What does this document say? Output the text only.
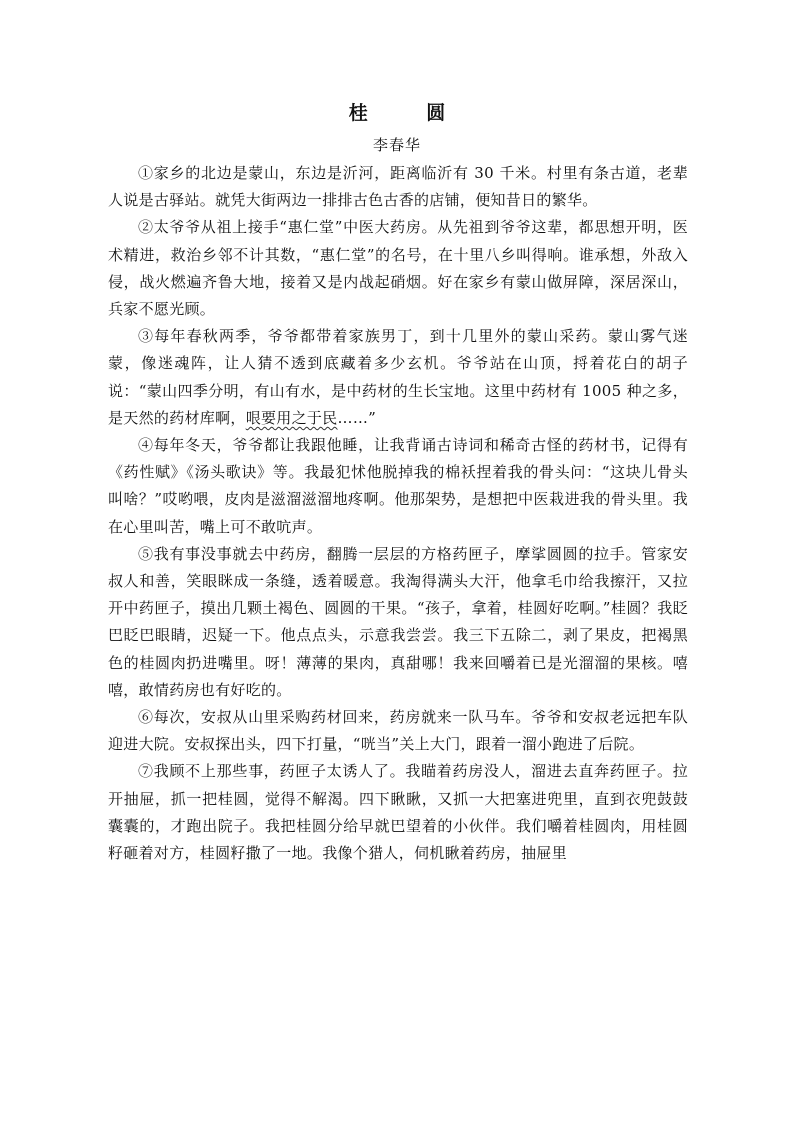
桂 圆
李春华

①家乡的北边是蒙山，东边是沂河，距离临沂有 30 千米。村里有条古道，老辈人说是古驿站。就凭大街两边一排排古色古香的店铺，便知昔日的繁华。

②太爷爷从祖上接手“惠仁堂”中医大药房。从先祖到爷爷这辈，都思想开明，医术精进，救治乡邻不计其数，“惠仁堂”的名号，在十里八乡叫得响。谁承想，外敌入侵，战火燃遍齐鲁大地，接着又是内战起硝烟。好在家乡有蒙山做屏障，深居深山，兵家不愿光顾。

③每年春秋两季，爷爷都带着家族男丁，到十几里外的蒙山采药。蒙山雾气迷蒙，像迷魂阵，让人猜不透到底藏着多少玄机。爷爷站在山顶，捋着花白的胡子说：“蒙山四季分明，有山有水，是中药材的生长宝地。这里中药材有 1005 种之多，是天然的药材库啊，哏要用之于民……”

④每年冬天，爷爷都让我跟他睡，让我背诵古诗词和稀奇古怪的药材书，记得有《药性赋》《汤头歌诀》等。我最犯怵他脱掉我的棉袄捏着我的骨头问：“这块儿骨头叫啥？”哎哟喂，皮肉是滋溜滋溜地疼啊。他那架势，是想把中医栽进我的骨头里。我在心里叫苦，嘴上可不敢吭声。

⑤我有事没事就去中药房，翻腾一层层的方格药匣子，摩挲圆圆的拉手。管家安叔人和善，笑眼眯成一条缝，透着暖意。我淘得满头大汗，他拿毛巾给我擦汗，又拉开中药匣子，摸出几颗土褐色、圆圆的干果。“孩子，拿着，桂圆好吃啊。”桂圆？我眨巴眨巴眼睛，迟疑一下。他点点头，示意我尝尝。我三下五除二，剥了果皮，把褐黑色的桂圆肉扔进嘴里。呀！薄薄的果肉，真甜哪！我来回嚼着已是光溜溜的果核。嘻嘻，敢情药房也有好吃的。

⑥每次，安叔从山里采购药材回来，药房就来一队马车。爷爷和安叔老远把车队迎进大院。安叔探出头，四下打量，“咣当”关上大门，跟着一溜小跑进了后院。

⑦我顾不上那些事，药匣子太诱人了。我瞄着药房没人，溜进去直奔药匣子。拉开抽屉，抓一把桂圆，觉得不解渴。四下瞅瞅，又抓一大把塞进兜里，直到衣兜鼓鼓囊囊的，才跑出院子。我把桂圆分给早就巴望着的小伙伴。我们嚼着桂圆肉，用桂圆籽砸着对方，桂圆籽撒了一地。我像个猎人，伺机瞅着药房，抽屉里
